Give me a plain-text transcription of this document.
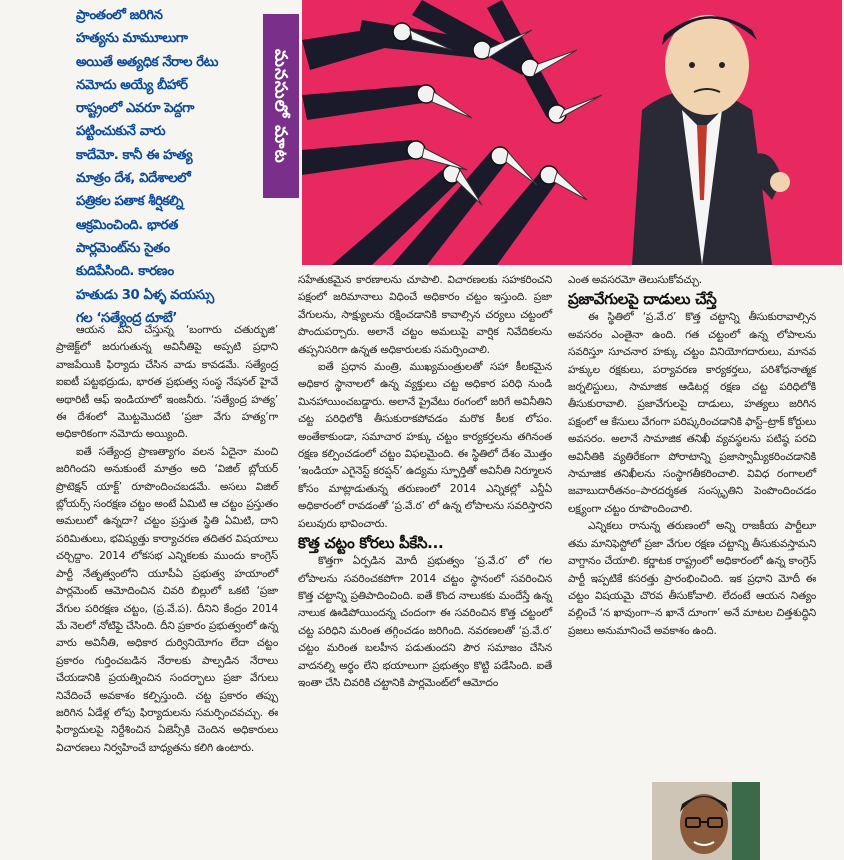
ప్రాంతంలో జరిగిన
హత్యను మామూలుగా
అయితే అత్యధిక నేరాల రేటు
నమోదు అయ్యే బీహార్
రాష్ట్రంలో ఎవరూ పెద్దగా
పట్టించుకునే వారు
కాదేమో. కానీ ఈ హత్య
మాత్రం దేశ, విదేశాలలో
పత్రికల పతాక శీర్షికల్ని
ఆక్రమించింది. భారత
పార్లమెంట్‌ను సైతం
కుదిపేసింది. కారణం
హతుడు 30 ఏళ్ళ వయస్సు
గల ‘సత్యేంద్ర దూబే’
మనసులో మాట

ఆయన పని చేస్తున్న ‘బంగారు చతుర్భుజి’ ప్రాజెక్ట్‌లో జరుగుతున్న అవినీతిపై అప్పటి ప్రధాని వాజపేయికి ఫిర్యాదు చేసిన వాడు కావడమే. సత్యేంద్ర ఐఐటీ పట్టభద్రుడు, భారత ప్రభుత్వ సంస్థ నేషనల్ హైవే అథారిటీ ఆఫ్ ఇండియాలో ఇంజనీరు. ‘సత్యేంద్ర హత్య’ ఈ దేశంలో మొట్టమొదటి ‘ప్రజా వేగు హత్య’గా అధికారికంగా నమోదు అయ్యింది.

ఐతే సత్యేంద్ర ప్రాణత్యాగం వలన ఏదైనా మంచి జరిగిందని అనుకుంటే మాత్రం అది ‘విజిల్ బ్లోయర్ ప్రొటెక్షన్ యాక్ట్’ రూపొందించబడమే. అసలు విజిల్ బ్లోయర్స్ సంరక్షణ చట్టం అంటే ఏమిటి ఆ చట్టం ప్రస్తుతం అమలులో ఉన్నదా? చట్టం ప్రస్తుత స్థితి ఏమిటి, దాని పరిమితులు, భవిష్యత్తు కార్యాచరణ తదితర విషయాలు చర్చిద్దాం. 2014 లోకసభ ఎన్నికలకు ముందు కాంగ్రెస్ పార్టీ నేతృత్వంలోని యూపీఏ ప్రభుత్వ హయాంలో పార్లమెంట్ ఆమోదించిన చివరి బిల్లులో ఒకటి ‘ప్రజా వేగుల పరిరక్షణ చట్టం, (ప్ర.వే.ప). దీనిని కేంద్రం 2014 మే నెలలో నోటిఫై చేసింది. దీని ప్రకారం ప్రభుత్వంలో ఉన్న వారు అవినీతి, అధికార దుర్వినియోగం లేదా చట్టం ప్రకారం గుర్తించబడిన నేరాలకు పాల్పడిన నేరాలు చేయడానికి ప్రయత్నించిన సందర్భాలు ప్రజా వేగులు నివేదించే అవకాశం కల్పిస్తుంది. చట్ట ప్రకారం తప్పు జరిగిన ఏడేళ్ల లోపు ఫిర్యాదులను సమర్పించవచ్చు. ఈ ఫిర్యాదులపై నిర్దేశించిన ఏజెన్సీకి చెందిన అధికారులు విచారణలు నిర్వహించే బాధ్యతను కలిగి ఉంటారు.

సహేతుకమైన కారణాలను చూపాలి. విచారణలకు సహకరించని పక్షంలో జరిమానాలు విధించే అధికారం చట్టం ఇస్తుంది. ప్రజా వేగులను, సాక్ష్యులను రక్షించడానికి కావాల్సిన చర్యలు చట్టంలో పొందుపర్చారు. అలానే చట్టం అమలుపై వార్షిక నివేదికలను తప్పనిసరిగా ఉన్నత అధికారులకు సమర్పించాలి.

ఐతే ప్రధాన మంత్రి, ముఖ్యమంత్రులతో సహా కీలకమైన అధికార స్థానాలలో ఉన్న వ్యక్తులు చట్ట అధికార పరిధి నుండి మినహాయించబడ్డారు. అలానే ప్రైవేటు రంగంలో జరిగే అవినీతిని చట్ట పరిధిలోకి తీసుకురాకపోవడం మరొక కీలక లోపం. అంతేకాకుండా, సమాచార హక్కు చట్టం కార్యకర్తలను తగినంత రక్షణ కల్పించడంలో చట్టం విఫలమైంది. ఈ స్థితిలో దేశం మొత్తం ‘ఇండియా ఎగైనెస్ట్ కరప్షన్’ ఉద్యమ స్ఫూర్తితో అవినీతి నిర్మూలన కోసం మాట్లాడుతున్న తరుణంలో 2014 ఎన్నికల్లో ఎన్డీఏ అధికారంలో రావడంతో ‘ప్ర.వే.ర’ లో ఉన్న లోపాలను సవరిస్తారని పలువురు భావించారు.

కొత్త చట్టం కోరలు పీకేసి...

కొత్తగా ఏర్పడిన మోదీ ప్రభుత్వం ‘ప్ర.వే.ర’ లో గల లోపాలను సవరించకపోగా 2014 చట్టం స్థానంలో సవరించిన కొత్త చట్టాన్ని ప్రతిపాదించింది. ఐతే కొంద నాలుకకు మందేస్తే ఉన్న నాలుక ఊడిపోయిందన్న చందంగా ఈ సవరించిన కొత్త చట్టంలో చట్ట పరిధిని మరింత తగ్గించడం జరిగింది. నవరణలతో ‘ప్ర.వే.ర’ చట్టం మరింత బలహీన పడుతుందని పౌర సమాజం చేసిన వాదనల్ని అర్థం లేని భయాలుగా ప్రభుత్వం కొట్టి పడేసింది. ఐతే ఇంతా చేసి చివరికి చట్టానికి పార్లమెంట్‌లో ఆమోదం

ఎంత అవసరమో తెలుసుకోవచ్చు.

ప్రజావేగులపై దాడులు చేస్తే

ఈ స్థితిలో ‘ప్ర.వే.ర’ కొత్త చట్టాన్ని తీసుకురావాల్సిన అవసరం ఎంతైనా ఉంది. గత చట్టంలో ఉన్న లోపాలను సవరిస్తూ సూచనార హక్కు చట్టం వినియోగదారులు, మానవ హక్కుల రక్షకులు, పర్యావరణ కార్యకర్తలు, పరిశోధనాత్మక జర్నలిస్టులు, సామాజిక ఆడిటర్ల రక్షణ చట్ట పరిధిలోకి తీసుకురావాలి. ప్రజావేగులపై దాడులు, హత్యలు జరిగిన పక్షంలో ఆ కేసులు వేగంగా పరిష్కరించడానికి ఫాస్ట్–ట్రాక్ కోర్టులు అవసరం. అలానే సామాజిక తనిఖీ వ్యవస్థలను పటిష్ఠ పరచి అవినీతికి వ్యతిరేకంగా పోరాటాన్ని ప్రజాస్వామ్యీకరించడానికి సామాజిక తనిఖీలను సంస్థాగతీకరించాలి. వివిధ రంగాలలో జవాబుదారీతనం–పారదర్శకత సంస్కృతిని పెంపొందించడం లక్ష్యంగా చట్టం రూపొందించాలి.

ఎన్నికలు రానున్న తరుణంలో అన్ని రాజకీయ పార్టీలూ తమ మానిఫెస్టోలో ప్రజా వేగుల రక్షణ చట్టాన్ని తీసుకువస్తామని వాగ్దానం చేయాలి. కర్ణాటక రాష్ట్రంలో అధికారంలో ఉన్న కాంగ్రెస్ పార్టీ ఇప్పటికే కసరత్తు ప్రారంభించింది. ఇక ప్రధాని మోదీ ఈ చట్టం విషయమై చొరవ తీసుకోవాలి. లేదంటే ఆయన నిత్యం వల్లించే ‘న ఖావుంగా–న ఖానే దూంగా’ అనే మాటల చిత్తశుద్ధిని ప్రజలు అనుమానించే అవకాశం ఉంది.
